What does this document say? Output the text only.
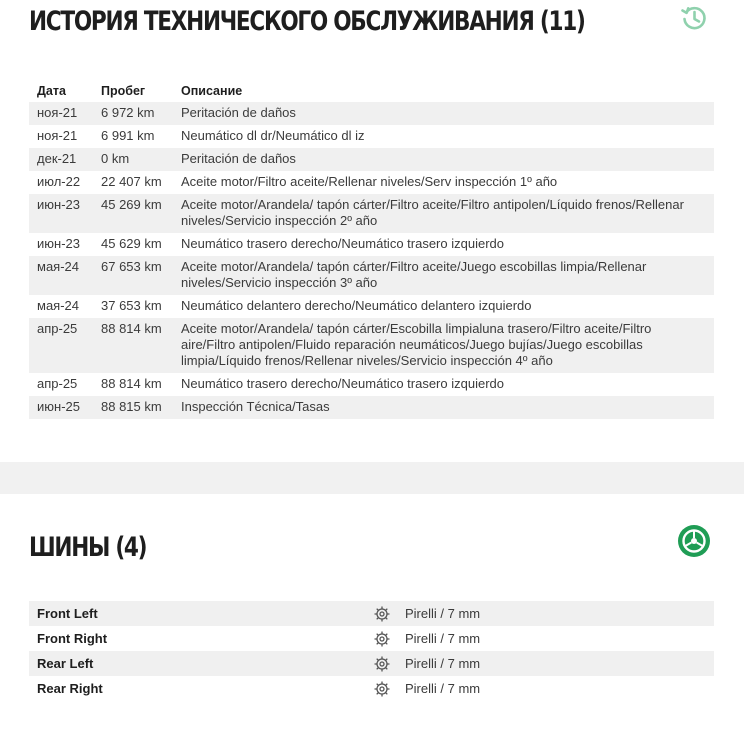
ИСТОРИЯ ТЕХНИЧЕСКОГО ОБСЛУЖИВАНИЯ (11)
Дата	Пробег	Описание
ноя-21	6 972 km	Peritación de daños
ноя-21	6 991 km	Neumático dl dr/Neumático dl iz
дек-21	0 km	Peritación de daños
июл-22	22 407 km	Aceite motor/Filtro aceite/Rellenar niveles/Serv inspección 1º año
июн-23	45 269 km	Aceite motor/Arandela/ tapón cárter/Filtro aceite/Filtro antipolen/Líquido frenos/Rellenar niveles/Servicio inspección 2º año
июн-23	45 629 km	Neumático trasero derecho/Neumático trasero izquierdo
мая-24	67 653 km	Aceite motor/Arandela/ tapón cárter/Filtro aceite/Juego escobillas limpia/Rellenar niveles/Servicio inspección 3º año
мая-24	37 653 km	Neumático delantero derecho/Neumático delantero izquierdo
апр-25	88 814 km	Aceite motor/Arandela/ tapón cárter/Escobilla limpialuna trasero/Filtro aceite/Filtro aire/Filtro antipolen/Fluido reparación neumáticos/Juego bujías/Juego escobillas limpia/Líquido frenos/Rellenar niveles/Servicio inspección 4º año
апр-25	88 814 km	Neumático trasero derecho/Neumático trasero izquierdo
июн-25	88 815 km	Inspección Técnica/Tasas
ШИНЫ (4)
Front Left	Pirelli / 7 mm
Front Right	Pirelli / 7 mm
Rear Left	Pirelli / 7 mm
Rear Right	Pirelli / 7 mm
